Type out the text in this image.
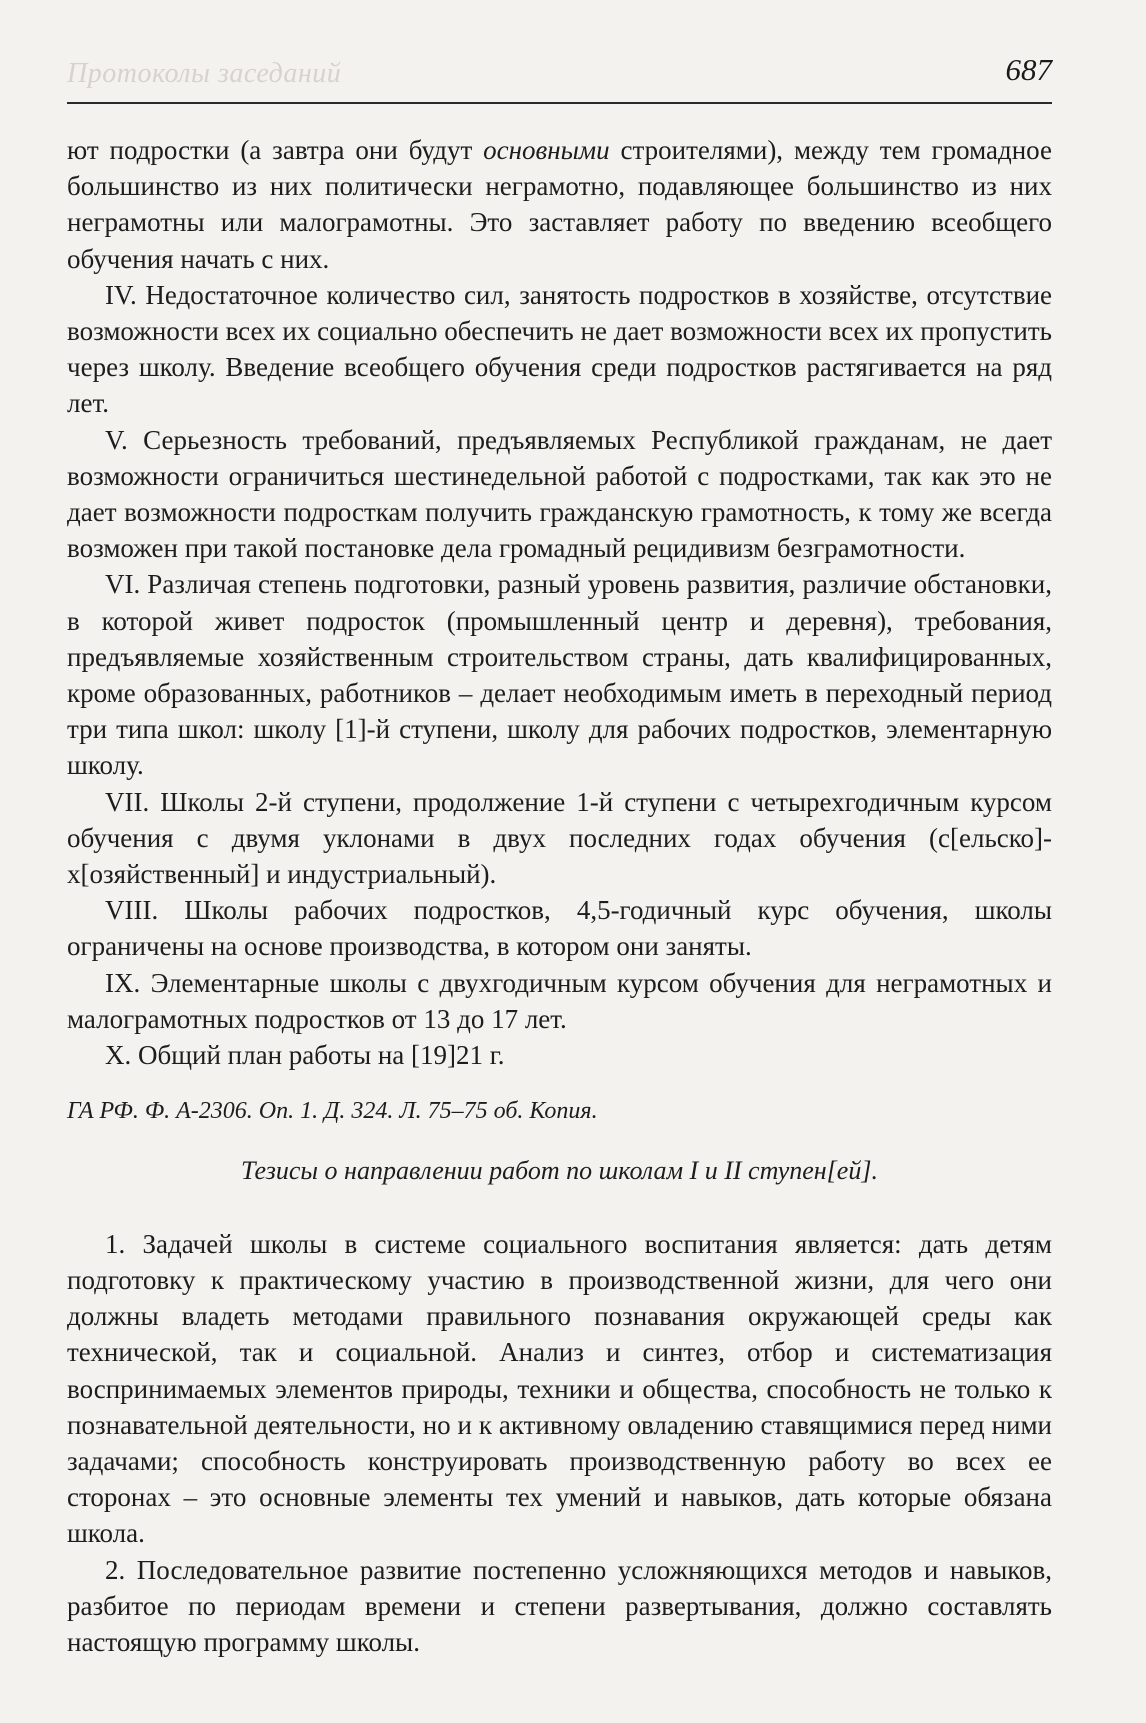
Протоколы заседаний	687

ют подростки (а завтра они будут основными строителями), между тем громадное большинство из них политически неграмотно, подавляющее большинство из них неграмотны или малограмотны. Это заставляет работу по введению всеобщего обучения начать с них.

IV. Недостаточное количество сил, занятость подростков в хозяйстве, отсутствие возможности всех их социально обеспечить не дает возможности всех их пропустить через школу. Введение всеобщего обучения среди подростков растягивается на ряд лет.

V. Серьезность требований, предъявляемых Республикой гражданам, не дает возможности ограничиться шестинедельной работой с подростками, так как это не дает возможности подросткам получить гражданскую грамотность, к тому же всегда возможен при такой постановке дела громадный рецидивизм безграмотности.

VI. Различая степень подготовки, разный уровень развития, различие обстановки, в которой живет подросток (промышленный центр и деревня), требования, предъявляемые хозяйственным строительством страны, дать квалифицированных, кроме образованных, работников – делает необходимым иметь в переходный период три типа школ: школу [1]-й ступени, школу для рабочих подростков, элементарную школу.

VII. Школы 2-й ступени, продолжение 1-й ступени с четырехгодичным курсом обучения с двумя уклонами в двух последних годах обучения (с[ельско]-х[озяйственный] и индустриальный).

VIII. Школы рабочих подростков, 4,5-годичный курс обучения, школы ограничены на основе производства, в котором они заняты.

IX. Элементарные школы с двухгодичным курсом обучения для неграмотных и малограмотных подростков от 13 до 17 лет.

X. Общий план работы на [19]21 г.

ГА РФ. Ф. А-2306. Оп. 1. Д. 324. Л. 75–75 об. Копия.
Тезисы о направлении работ по школам I и II ступен[ей].

1. Задачей школы в системе социального воспитания является: дать детям подготовку к практическому участию в производственной жизни, для чего они должны владеть методами правильного познавания окружающей среды как технической, так и социальной. Анализ и синтез, отбор и систематизация воспринимаемых элементов природы, техники и общества, способность не только к познавательной деятельности, но и к активному овладению ставящимися перед ними задачами; способность конструировать производственную работу во всех ее сторонах – это основные элементы тех умений и навыков, дать которые обязана школа.

2. Последовательное развитие постепенно усложняющихся методов и навыков, разбитое по периодам времени и степени развертывания, должно составлять настоящую программу школы.
